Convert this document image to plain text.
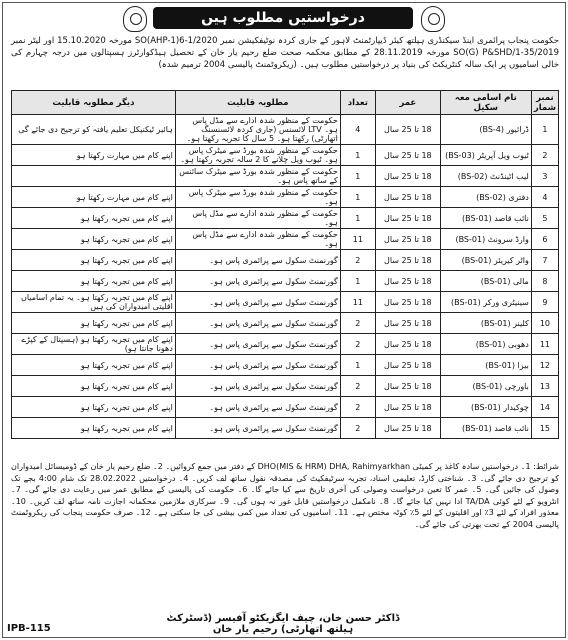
درخواستیں مطلوب ہیں
حکومت پنجاب پرائمری اینڈ سیکنڈری ہیلتھ کیئر ڈیپارٹمنٹ لاہور کے جاری کردہ نوٹیفکیشن نمبر SO(AHP-1)6-1/2020 مورخہ 15.10.2020 اور لیٹر نمبر SO(G) P&SHD/1-35/2019 مورخہ 28.11.2019 کے مطابق محکمہ صحت ضلع رحیم یار خان کے تحصیل ہیڈکوارٹرز ہسپتالوں میں درجہ چہارم کی خالی اسامیوں پر ایک سالہ کنٹریکٹ کی بنیاد پر درخواستیں مطلوب ہیں۔ (ریکروٹمنٹ پالیسی 2004 ترمیم شدہ)
نمبر شمار	نام اسامی معہ سکیل	عمر	تعداد	مطلوبہ قابلیت	دیگر مطلوبہ قابلیت
1	ڈرائیور (BS-4)	18 تا 25 سال	4	حکومت کے منظور شدہ ادارے سے مڈل پاس ہو۔ LTV لائسنس (جاری کردہ لائسنسنگ اتھارٹی) رکھتا ہو۔ 5 سال کا تجربہ رکھتا ہو۔	ہائیر ٹیکنیکل تعلیم یافتہ کو ترجیح دی جائے گی
2	ٹیوب ویل آپریٹر (BS-03)	18 تا 25 سال	1	حکومت کے منظور شدہ بورڈ سے میٹرک پاس ہو۔ ٹیوب ویل چلانے کا 2 سالہ تجربہ رکھتا ہو۔	اپنے کام میں مہارت رکھتا ہو
3	لیب اٹینڈنٹ (BS-02)	18 تا 25 سال	1	حکومت کے منظور شدہ بورڈ سے میٹرک سائنس کے ساتھ پاس ہو۔	
4	دفتری (BS-02)	18 تا 25 سال	1	حکومت کے منظور شدہ بورڈ سے میٹرک پاس ہو۔	اپنے کام میں مہارت رکھتا ہو
5	نائب قاصد (BS-01)	18 تا 25 سال	1	حکومت کے منظور شدہ ادارے سے مڈل پاس ہو۔	اپنے کام میں تجربہ رکھتا ہو
6	وارڈ سرونٹ (BS-01)	18 تا 25 سال	11	حکومت کے منظور شدہ ادارے سے مڈل پاس ہو۔	اپنے کام میں تجربہ رکھتا ہو
7	واٹر کیریئر (BS-01)	18 تا 25 سال	2	گورنمنٹ سکول سے پرائمری پاس ہو۔	اپنے کام میں تجربہ رکھتا ہو
8	مالی (BS-01)	18 تا 25 سال	1	گورنمنٹ سکول سے پرائمری پاس ہو۔	اپنے کام میں تجربہ رکھتا ہو
9	سینیٹری ورکر (BS-01)	18 تا 25 سال	11	گورنمنٹ سکول سے پرائمری پاس ہو۔	اپنے کام میں تجربہ رکھتا ہو۔ یہ تمام اسامیاں اقلیتی امیدواران کی ہیں
10	کلینر (BS-01)	18 تا 25 سال	2	گورنمنٹ سکول سے پرائمری پاس ہو۔	اپنے کام میں تجربہ رکھتا ہو
11	دھوبی (BS-01)	18 تا 25 سال	2	گورنمنٹ سکول سے پرائمری پاس ہو۔	اپنے کام میں تجربہ رکھتا ہو (ہسپتال کے کپڑے دھونا جانتا ہو)
12	بیرا (BS-01)	18 تا 25 سال	1	گورنمنٹ سکول سے پرائمری پاس ہو۔	اپنے کام میں تجربہ رکھتا ہو
13	باورچی (BS-01)	18 تا 25 سال	2	گورنمنٹ سکول سے پرائمری پاس ہو۔	اپنے کام میں تجربہ رکھتا ہو
14	چوکیدار (BS-01)	18 تا 25 سال	2	گورنمنٹ سکول سے پرائمری پاس ہو۔	اپنے کام میں تجربہ رکھتا ہو
15	نائب قاصد (BS-01)	18 تا 25 سال	2	گورنمنٹ سکول سے پرائمری پاس ہو۔	اپنے کام میں تجربہ رکھتا ہو
شرائط: 1۔ درخواستیں سادہ کاغذ پر کمیٹی DHO(MIS & HRM) DHA, Rahimyarkhan کے دفتر میں جمع کروائیں۔ 2۔ ضلع رحیم یار خان کے ڈومیسائل امیدواران کو ترجیح دی جائے گی۔ 3۔ شناختی کارڈ، تعلیمی اسناد، تجربہ سرٹیفکیٹ کی مصدقہ نقول ساتھ لف کریں۔ 4۔ درخواستیں 28.02.2022 تک شام 4:00 بجے تک وصول کی جائیں گی۔ 5۔ عمر کا تعین درخواست وصولی کی آخری تاریخ سے کیا جائے گا۔ 6۔ حکومت کی پالیسی کے مطابق عمر میں رعایت دی جائے گی۔ 7۔ انٹرویو کے لئے کوئی TA/DA ادا نہیں کیا جائے گا۔ 8۔ نامکمل درخواستیں قابل غور نہ ہوں گی۔ 9۔ سرکاری ملازمین محکمانہ اجازت نامہ ساتھ لف کریں۔ 10۔ معذور افراد کے لئے 3٪ اور اقلیتوں کے لئے 5٪ کوٹہ مختص ہے۔ 11۔ اسامیوں کی تعداد میں کمی بیشی کی جا سکتی ہے۔ 12۔ صرف حکومت پنجاب کی ریکروٹمنٹ پالیسی 2004 کے تحت بھرتی کی جائے گی۔
ڈاکٹر حسن خان، چیف ایگزیکٹو آفیسر (ڈسٹرکٹ ہیلتھ اتھارٹی) رحیم یار خان
IPB-115
